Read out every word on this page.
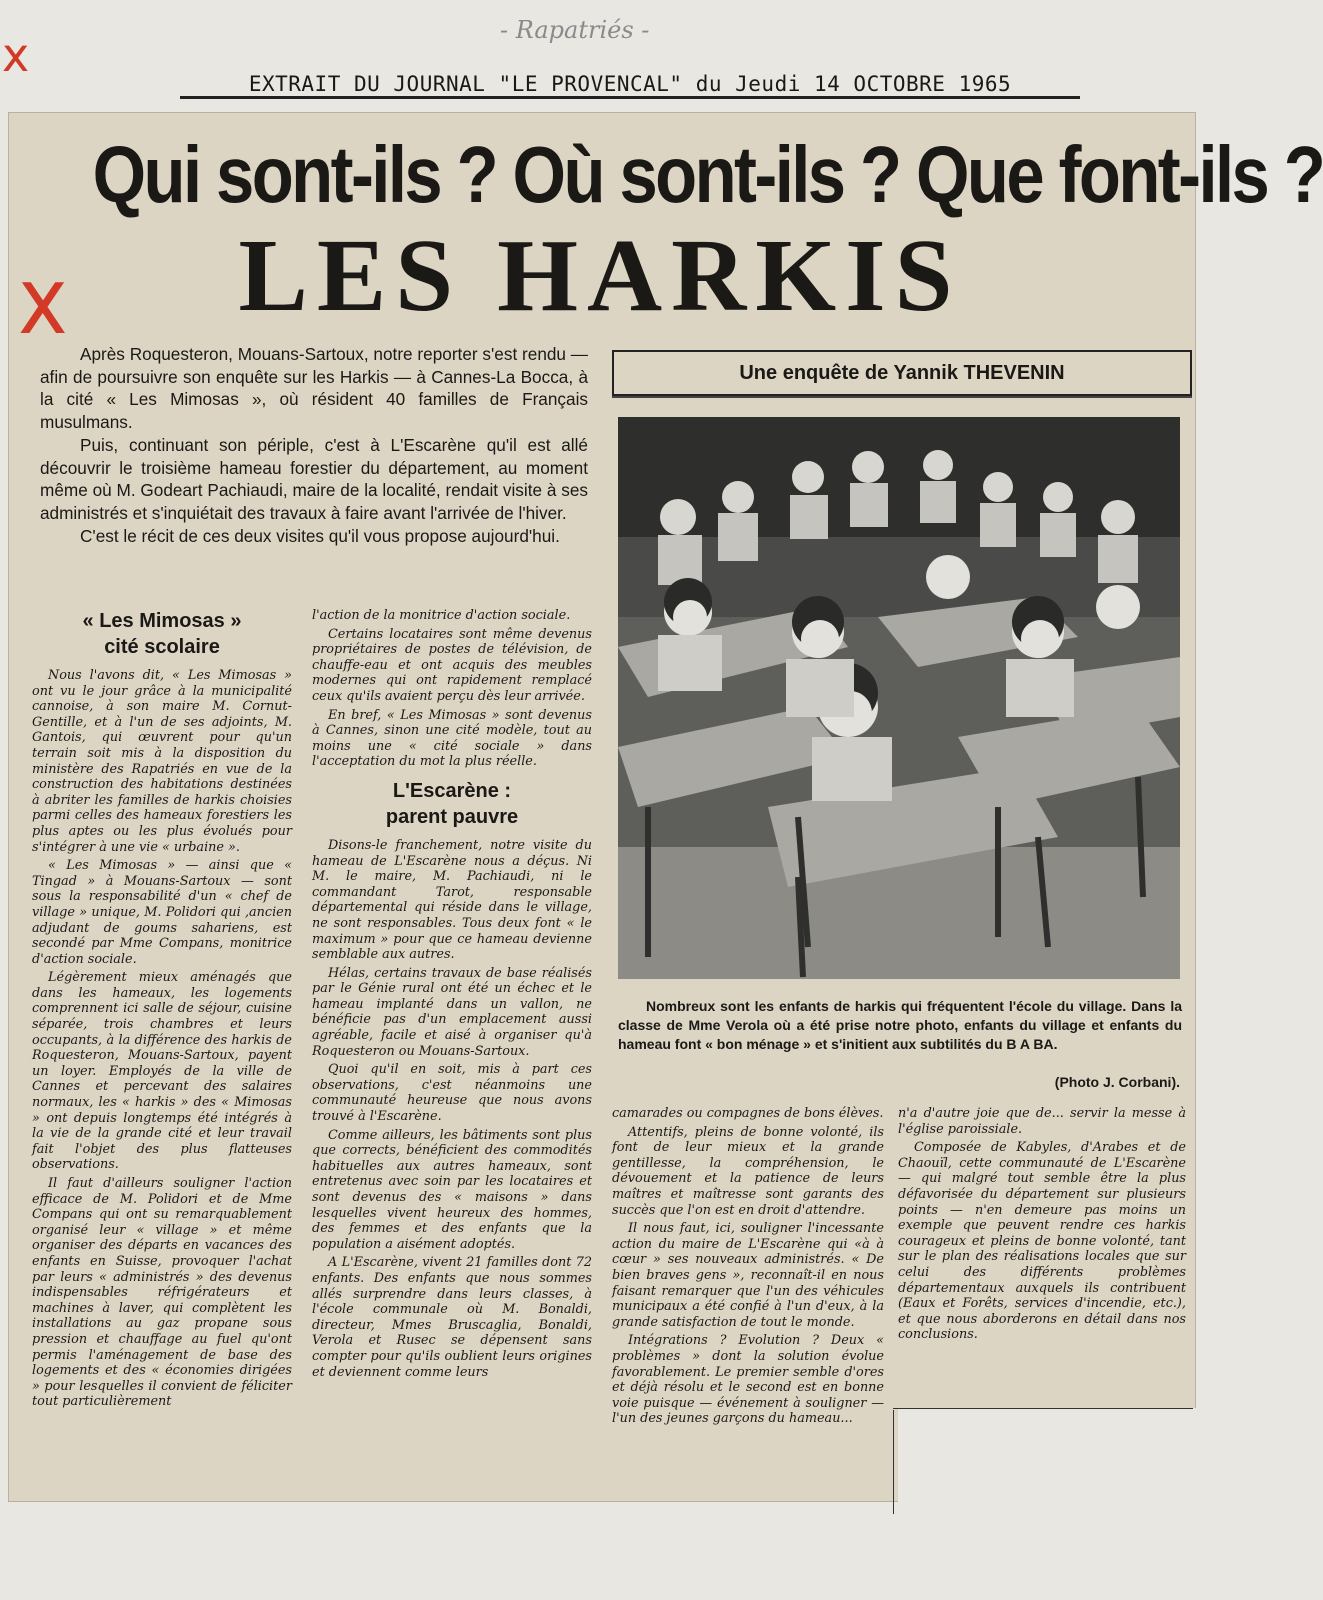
- Rapatriés -
x
x
EXTRAIT DU JOURNAL "LE PROVENCAL" du Jeudi 14 OCTOBRE 1965
Qui sont-ils ? Où sont-ils ? Que font-ils ?
LES HARKIS

Après Roquesteron, Mouans-Sartoux, notre reporter s'est rendu — afin de poursuivre son enquête sur les Harkis — à Cannes-La Bocca, à la cité « Les Mimosas », où résident 40 familles de Français musulmans.

Puis, continuant son périple, c'est à L'Escarène qu'il est allé découvrir le troisième hameau forestier du département, au moment même où M. Godeart Pachiaudi, maire de la localité, rendait visite à ses administrés et s'inquiétait des travaux à faire avant l'arrivée de l'hiver.

C'est le récit de ces deux visites qu'il vous propose aujourd'hui.

Une enquête de Yannik THEVENIN
Nombreux sont les enfants de harkis qui fréquentent l'école du village. Dans la classe de Mme Verola où a été prise notre photo, enfants du village et enfants du hameau font « bon ménage » et s'initient aux subtilités du B A BA.
(Photo J. Corbani).
« Les Mimosas »
cité scolaire

Nous l'avons dit, « Les Mimosas » ont vu le jour grâce à la municipalité cannoise, à son maire M. Cornut-Gentille, et à l'un de ses adjoints, M. Gantois, qui œuvrent pour qu'un terrain soit mis à la disposition du ministère des Rapatriés en vue de la construction des habitations destinées à abriter les familles de harkis choisies parmi celles des hameaux forestiers les plus aptes ou les plus évolués pour s'intégrer à une vie « urbaine ».

« Les Mimosas » — ainsi que « Tingad » à Mouans-Sartoux — sont sous la responsabilité d'un « chef de village » unique, M. Polidori qui ,ancien adjudant de goums sahariens, est secondé par Mme Compans, monitrice d'action sociale.

Légèrement mieux aménagés que dans les hameaux, les logements comprennent ici salle de séjour, cuisine séparée, trois chambres et leurs occupants, à la différence des harkis de Roquesteron, Mouans-Sartoux, payent un loyer. Employés de la ville de Cannes et percevant des salaires normaux, les « harkis » des « Mimosas » ont depuis longtemps été intégrés à la vie de la grande cité et leur travail fait l'objet des plus flatteuses observations.

Il faut d'ailleurs souligner l'action efficace de M. Polidori et de Mme Compans qui ont su remarquablement organisé leur « village » et même organiser des départs en vacances des enfants en Suisse, provoquer l'achat par leurs « administrés » des devenus indispensables réfrigérateurs et machines à laver, qui complètent les installations au gaz propane sous pression et chauffage au fuel qu'ont permis l'aménagement de base des logements et des « économies dirigées » pour lesquelles il convient de féliciter tout particulièrement

l'action de la monitrice d'action sociale.

Certains locataires sont même devenus propriétaires de postes de télévision, de chauffe-eau et ont acquis des meubles modernes qui ont rapidement remplacé ceux qu'ils avaient perçu dès leur arrivée.

En bref, « Les Mimosas » sont devenus à Cannes, sinon une cité modèle, tout au moins une « cité sociale » dans l'acceptation du mot la plus réelle.

L'Escarène :
parent pauvre

Disons-le franchement, notre visite du hameau de L'Escarène nous a déçus. Ni M. le maire, M. Pachiaudi, ni le commandant Tarot, responsable départemental qui réside dans le village, ne sont responsables. Tous deux font « le maximum » pour que ce hameau devienne semblable aux autres.

Hélas, certains travaux de base réalisés par le Génie rural ont été un échec et le hameau implanté dans un vallon, ne bénéficie pas d'un emplacement aussi agréable, facile et aisé à organiser qu'à Roquesteron ou Mouans-Sartoux.

Quoi qu'il en soit, mis à part ces observations, c'est néanmoins une communauté heureuse que nous avons trouvé à l'Escarène.

Comme ailleurs, les bâtiments sont plus que corrects, bénéficient des commodités habituelles aux autres hameaux, sont entretenus avec soin par les locataires et sont devenus des « maisons » dans lesquelles vivent heureux des hommes, des femmes et des enfants que la population a aisément adoptés.

A L'Escarène, vivent 21 familles dont 72 enfants. Des enfants que nous sommes allés surprendre dans leurs classes, à l'école communale où M. Bonaldi, directeur, Mmes Bruscaglia, Bonaldi, Verola et Rusec se dépensent sans compter pour qu'ils oublient leurs origines et deviennent comme leurs

camarades ou compagnes de bons élèves.

Attentifs, pleins de bonne volonté, ils font de leur mieux et la grande gentillesse, la compréhension, le dévouement et la patience de leurs maîtres et maîtresse sont garants des succès que l'on est en droit d'attendre.

Il nous faut, ici, souligner l'incessante action du maire de L'Escarène qui «à à cœur » ses nouveaux administrés. « De bien braves gens », reconnaît-il en nous faisant remarquer que l'un des véhicules municipaux a été confié à l'un d'eux, à la grande satisfaction de tout le monde.

Intégrations ? Evolution ? Deux « problèmes » dont la solution évolue favorablement. Le premier semble d'ores et déjà résolu et le second est en bonne voie puisque — événement à souligner — l'un des jeunes garçons du hameau...

n'a d'autre joie que de... servir la messe à l'église paroissiale.

Composée de Kabyles, d'Arabes et de Chaouïl, cette communauté de L'Escarène — qui malgré tout semble être la plus défavorisée du département sur plusieurs points — n'en demeure pas moins un exemple que peuvent rendre ces harkis courageux et pleins de bonne volonté, tant sur le plan des réalisations locales que sur celui des différents problèmes départementaux auxquels ils contribuent (Eaux et Forêts, services d'incendie, etc.), et que nous aborderons en détail dans nos conclusions.
